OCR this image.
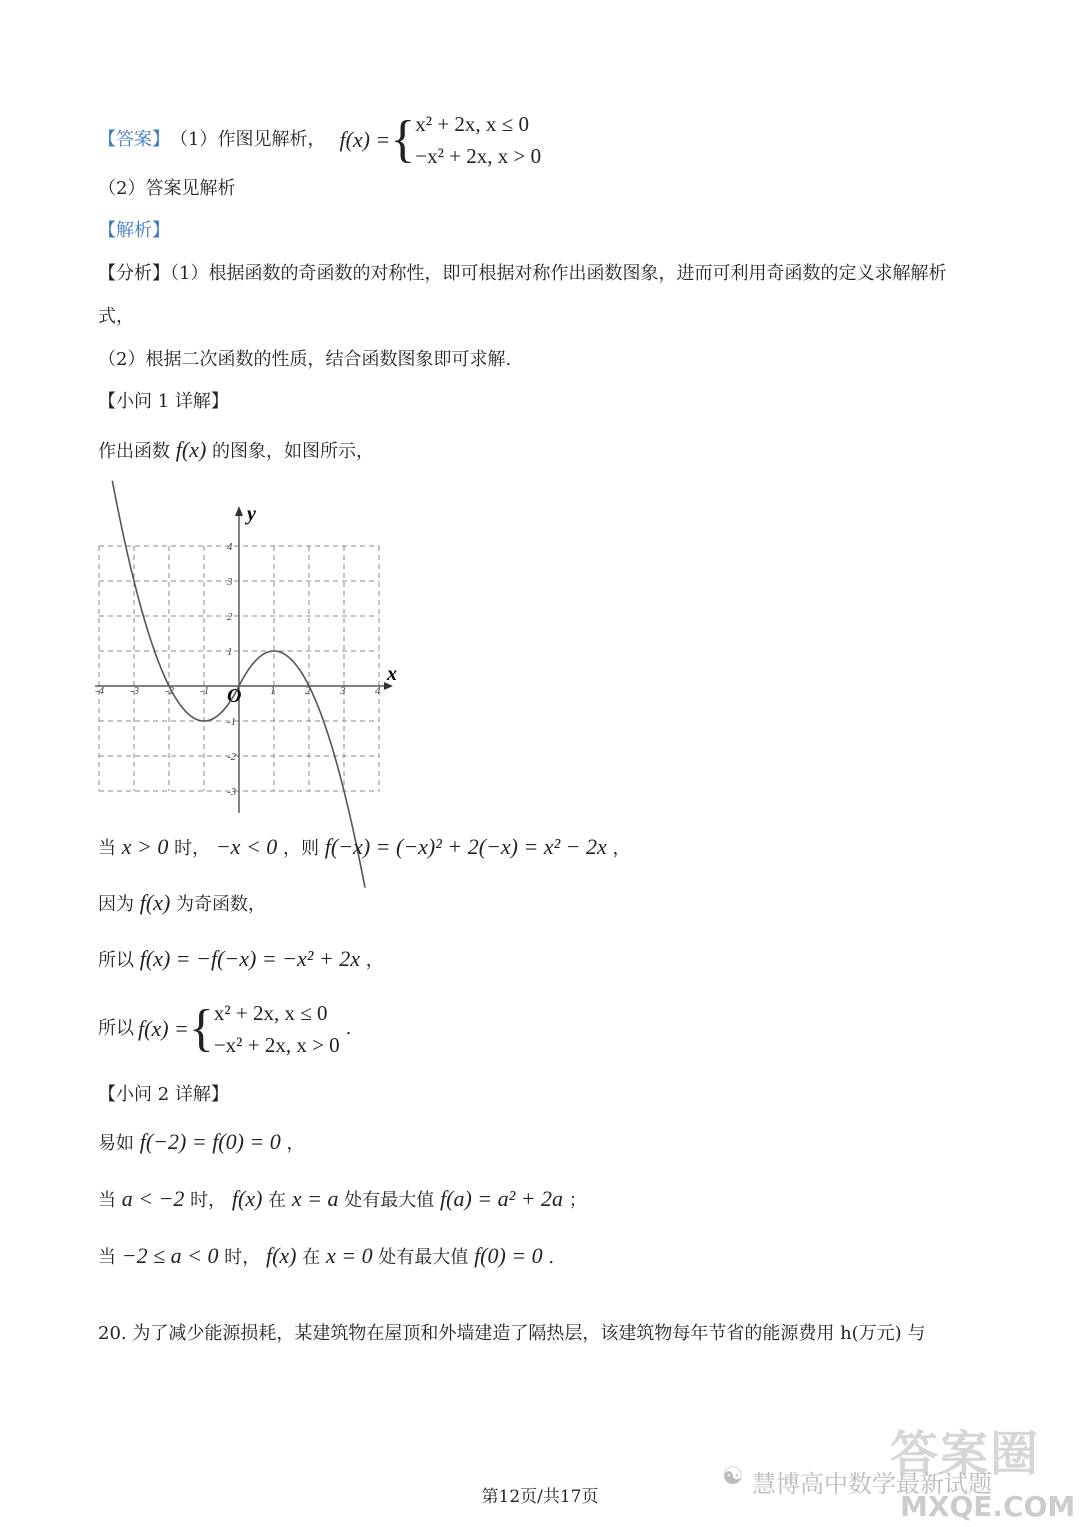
【答案】 （1）作图见解析， f(x) = { x² + 2x, x ≤ 0
−x² + 2x, x > 0
（2）答案见解析
【解析】
【分析】（1）根据函数的奇函数的对称性，即可根据对称作出函数图象，进而可利用奇函数的定义求解解析
式，
（2）根据二次函数的性质，结合函数图象即可求解.
【小问 1 详解】
作出函数 f(x) 的图象，如图所示，
x
y
O
-4 -3 -2 -1	1	2	3	4
4
3
2
1
-1
-2
-3
当 x > 0 时， −x < 0 ，则 f(−x) = (−x)² + 2(−x) = x² − 2x ，
因为 f(x) 为奇函数，
所以 f(x) = −f(−x) = −x² + 2x ，
所以 f(x) = { x² + 2x, x ≤ 0
−x² + 2x, x > 0
.
【小问 2 详解】
易如 f(−2) = f(0) = 0 ，
当 a < −2 时， f(x) 在 x = a 处有最大值 f(a) = a² + 2a ；
当 −2 ≤ a < 0 时， f(x) 在 x = 0 处有最大值 f(0) = 0 .
20. 为了减少能源损耗，某建筑物在屋顶和外墙建造了隔热层，该建筑物每年节省的能源费用 h(万元) 与
答案圈
☯ 慧博高中数学最新试题
MXQE.COM
第12页/共17页
